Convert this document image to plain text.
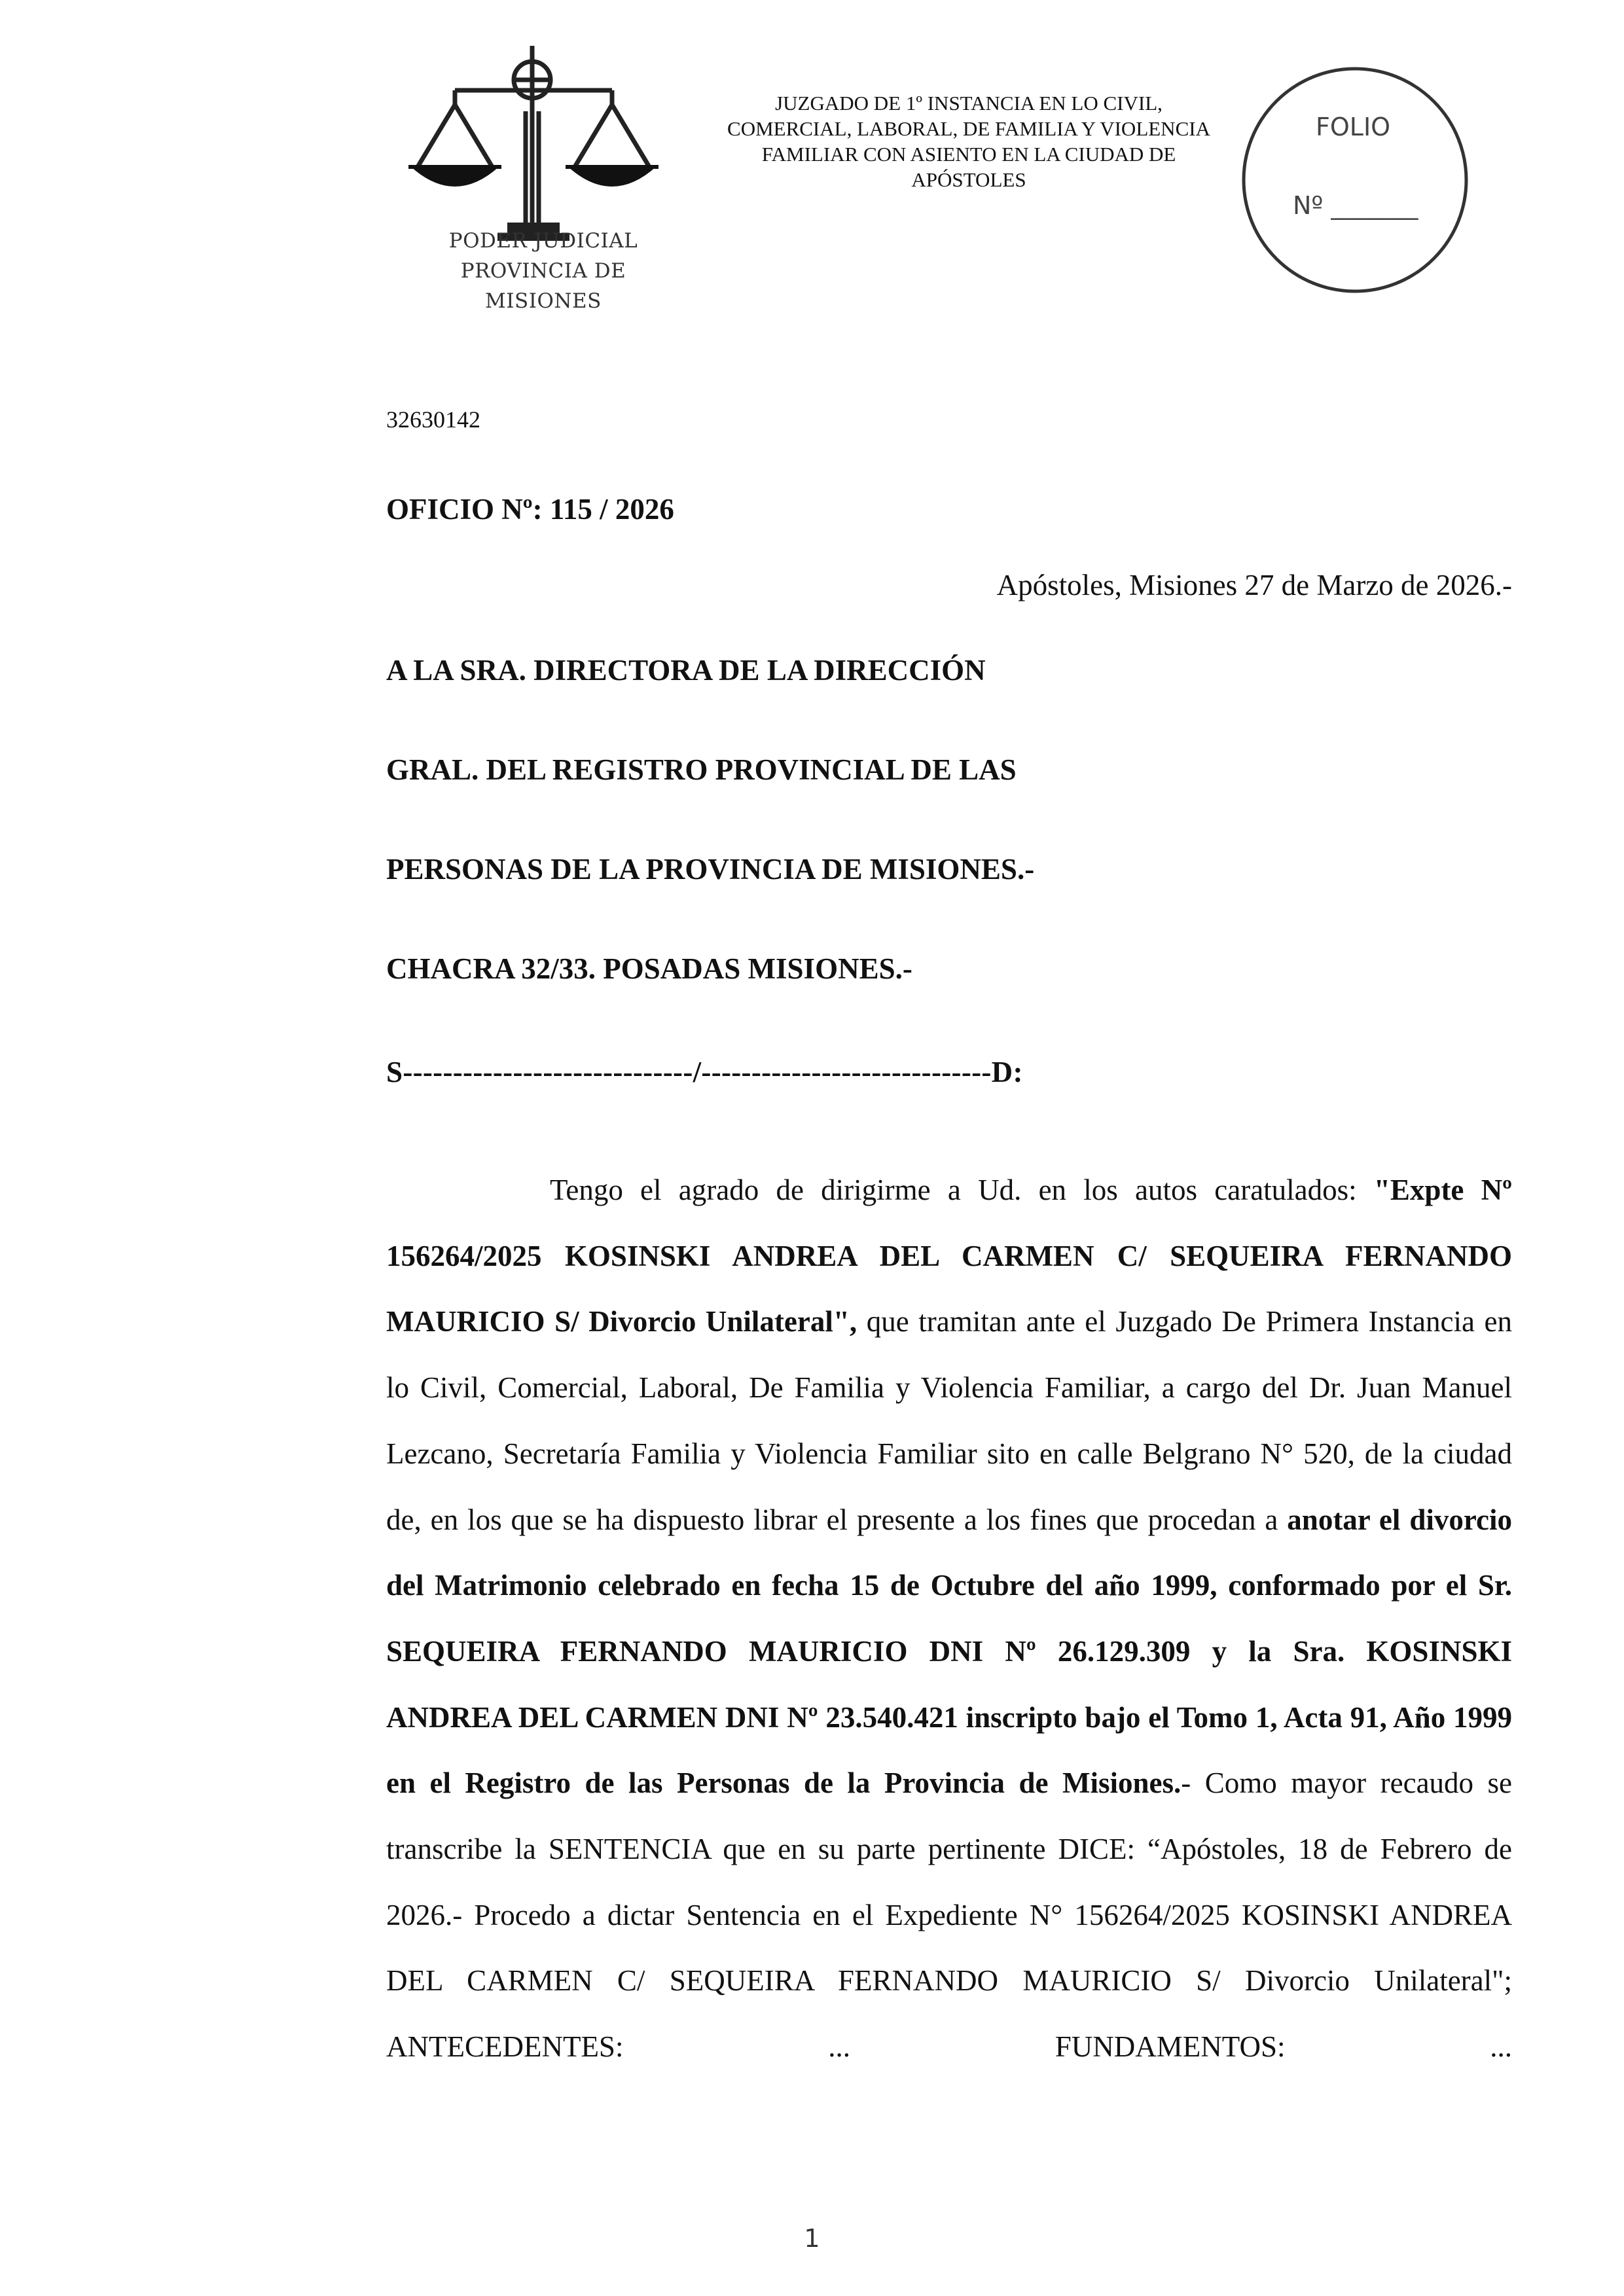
PODER JUDICIAL
PROVINCIA DE MISIONES
JUZGADO DE 1º INSTANCIA EN LO CIVIL,
COMERCIAL, LABORAL, DE FAMILIA Y VIOLENCIA
FAMILIAR CON ASIENTO EN LA CIUDAD DE
APÓSTOLES
FOLIO
Nº _______
32630142
OFICIO Nº: 115 / 2026
Apóstoles, Misiones 27 de Marzo de 2026.-
A LA SRA. DIRECTORA DE LA DIRECCIÓN
GRAL. DEL REGISTRO PROVINCIAL DE LAS
PERSONAS DE LA PROVINCIA DE MISIONES.-
CHACRA 32/33. POSADAS MISIONES.-
S-----------------------------/-----------------------------D:
Tengo el agrado de dirigirme a Ud. en los autos caratulados: "Expte Nº 156264/2025 KOSINSKI ANDREA DEL CARMEN C/ SEQUEIRA FERNANDO MAURICIO S/ Divorcio Unilateral", que tramitan ante el Juzgado De Primera Instancia en lo Civil, Comercial, Laboral, De Familia y Violencia Familiar, a cargo del Dr. Juan Manuel Lezcano, Secretaría Familia y Violencia Familiar sito en calle Belgrano N° 520, de la ciudad de, en los que se ha dispuesto librar el presente a los fines que procedan a anotar el divorcio del Matrimonio celebrado en fecha 15 de Octubre del año 1999, conformado por el Sr. SEQUEIRA FERNANDO MAURICIO DNI Nº 26.129.309 y la Sra. KOSINSKI ANDREA DEL CARMEN DNI Nº 23.540.421 inscripto bajo el Tomo 1, Acta 91, Año 1999 en el Registro de las Personas de la Provincia de Misiones.- Como mayor recaudo se transcribe la SENTENCIA que en su parte pertinente DICE: “Apóstoles, 18 de Febrero de 2026.- Procedo a dictar Sentencia en el Expediente N° 156264/2025 KOSINSKI ANDREA DEL CARMEN C/ SEQUEIRA FERNANDO MAURICIO S/ Divorcio Unilateral"; ANTECEDENTES: ... FUNDAMENTOS: ...
1
